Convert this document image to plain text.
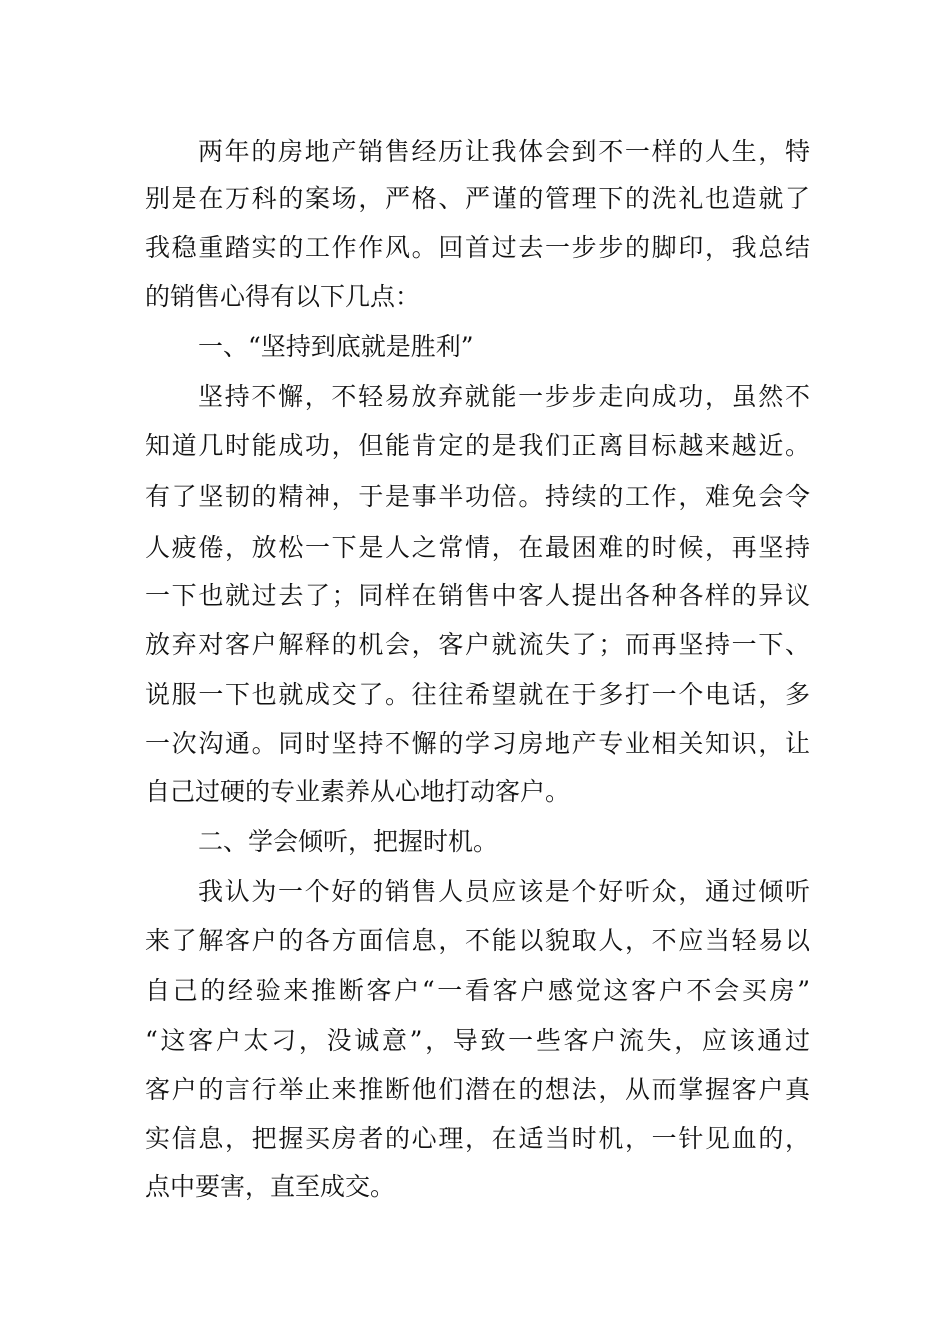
两年的房地产销售经历让我体会到不一样的人生，特
别是在万科的案场，严格、严谨的管理下的洗礼也造就了
我稳重踏实的工作作风。回首过去一步步的脚印，我总结
的销售心得有以下几点：
一、“坚持到底就是胜利”
坚持不懈，不轻易放弃就能一步步走向成功，虽然不
知道几时能成功，但能肯定的是我们正离目标越来越近。
有了坚韧的精神，于是事半功倍。持续的工作，难免会令
人疲倦，放松一下是人之常情，在最困难的时候，再坚持
一下也就过去了；同样在销售中客人提出各种各样的异议
放弃对客户解释的机会，客户就流失了；而再坚持一下、
说服一下也就成交了。往往希望就在于多打一个电话，多
一次沟通。同时坚持不懈的学习房地产专业相关知识，让
自己过硬的专业素养从心地打动客户。
二、学会倾听，把握时机。
我认为一个好的销售人员应该是个好听众，通过倾听
来了解客户的各方面信息，不能以貌取人，不应当轻易以
自己的经验来推断客户“一看客户感觉这客户不会买房”
“这客户太刁，没诚意”，导致一些客户流失，应该通过
客户的言行举止来推断他们潜在的想法，从而掌握客户真
实信息，把握买房者的心理，在适当时机，一针见血的，
点中要害，直至成交。
